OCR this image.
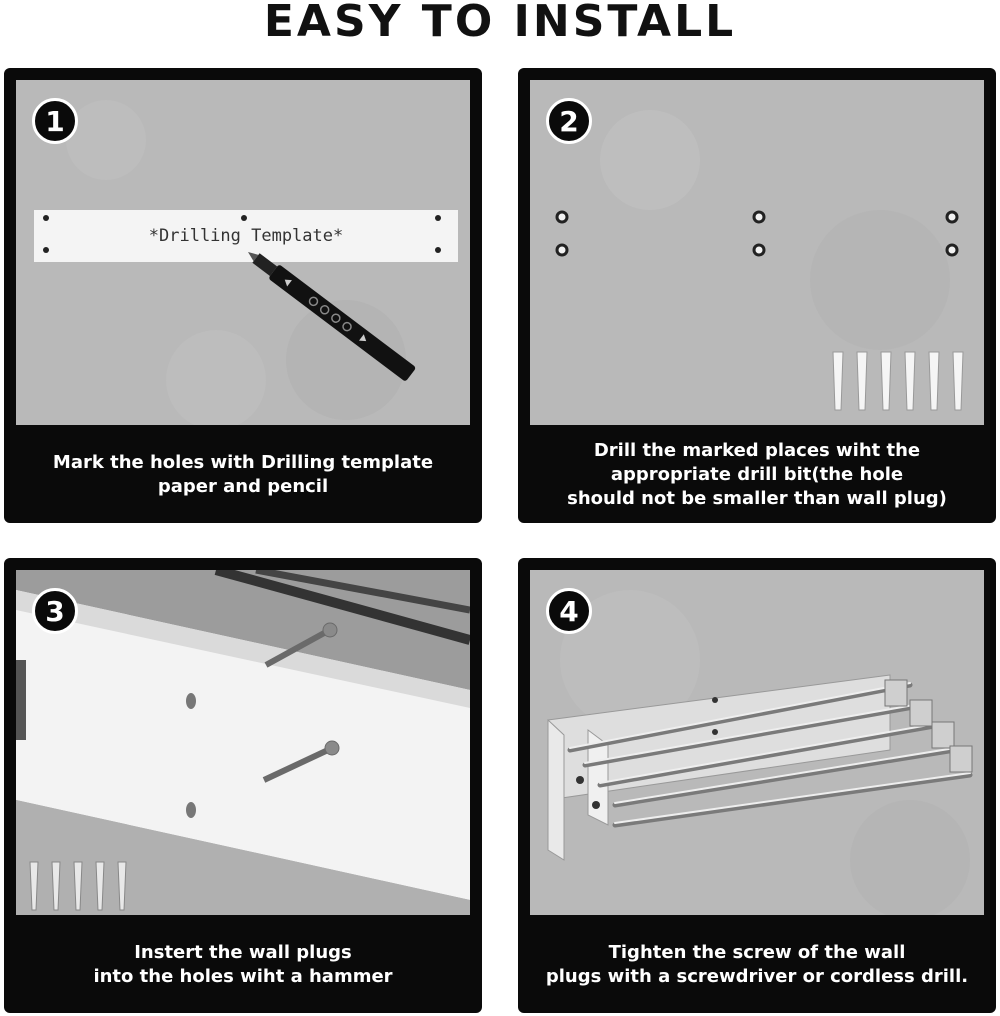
EASY TO INSTALL
*Drilling Template*
1
Mark the holes with Drilling template
paper and pencil
2
Drill the marked places wiht the
appropriate drill bit(the hole
should not be smaller than wall plug)
3
Instert the wall plugs
into the holes wiht a hammer
4
Tighten the screw of the wall
plugs with a screwdriver or cordless drill.
